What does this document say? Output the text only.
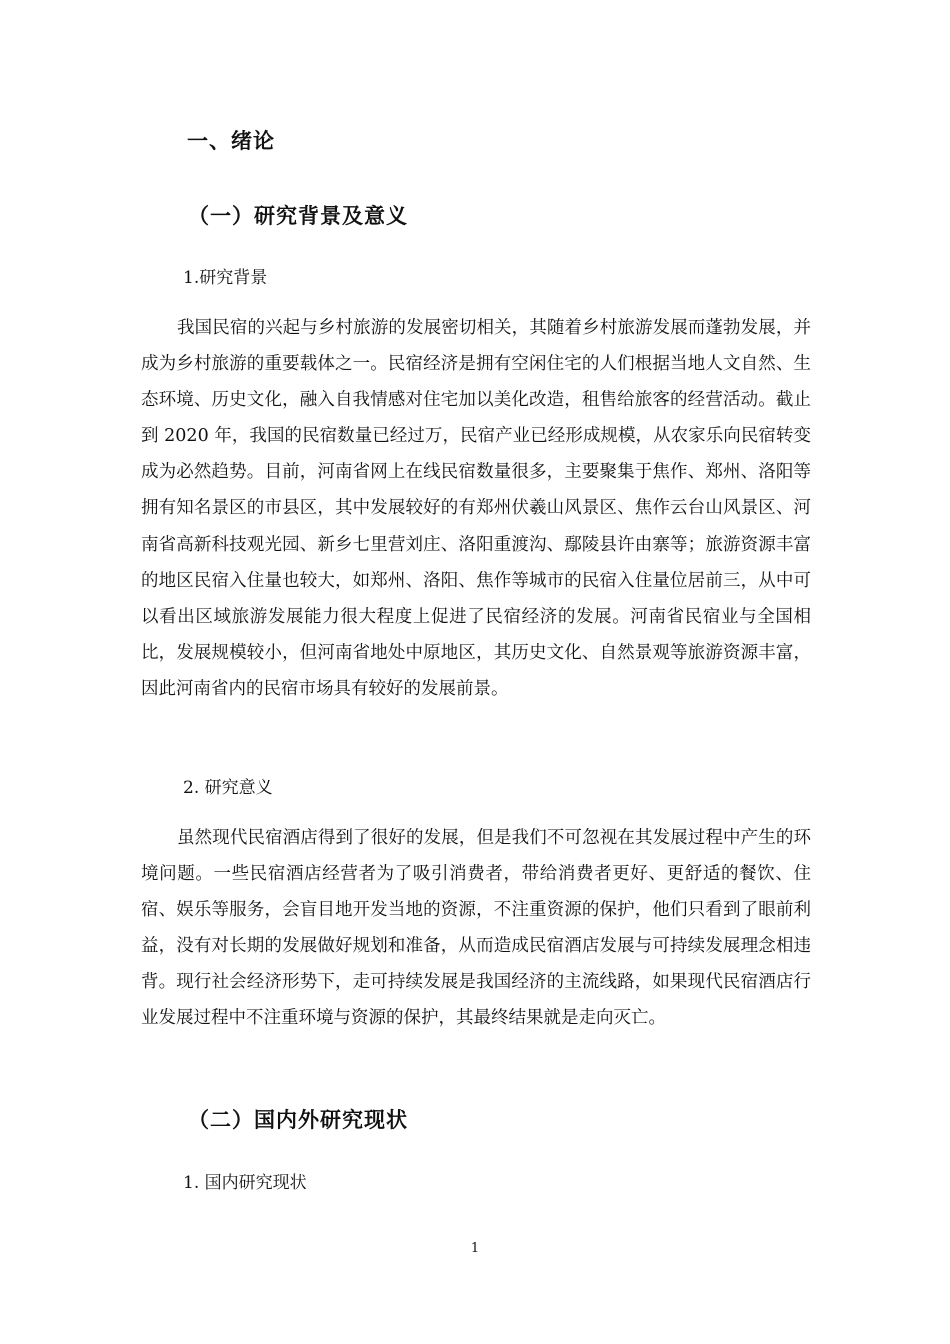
一、绪论
（一）研究背景及意义
1.研究背景

我国民宿的兴起与乡村旅游的发展密切相关，其随着乡村旅游发展而蓬勃发展，并成为乡村旅游的重要载体之一。民宿经济是拥有空闲住宅的人们根据当地人文自然、生态环境、历史文化，融入自我情感对住宅加以美化改造，租售给旅客的经营活动。截止到 2020 年，我国的民宿数量已经过万，民宿产业已经形成规模，从农家乐向民宿转变成为必然趋势。目前，河南省网上在线民宿数量很多，主要聚集于焦作、郑州、洛阳等拥有知名景区的市县区，其中发展较好的有郑州伏羲山风景区、焦作云台山风景区、河南省高新科技观光园、新乡七里营刘庄、洛阳重渡沟、鄢陵县许由寨等；旅游资源丰富的地区民宿入住量也较大，如郑州、洛阳、焦作等城市的民宿入住量位居前三，从中可以看出区域旅游发展能力很大程度上促进了民宿经济的发展。河南省民宿业与全国相比，发展规模较小，但河南省地处中原地区，其历史文化、自然景观等旅游资源丰富，因此河南省内的民宿市场具有较好的发展前景。

2. 研究意义

虽然现代民宿酒店得到了很好的发展，但是我们不可忽视在其发展过程中产生的环境问题。一些民宿酒店经营者为了吸引消费者，带给消费者更好、更舒适的餐饮、住宿、娱乐等服务，会盲目地开发当地的资源，不注重资源的保护，他们只看到了眼前利益，没有对长期的发展做好规划和准备，从而造成民宿酒店发展与可持续发展理念相违背。现行社会经济形势下，走可持续发展是我国经济的主流线路，如果现代民宿酒店行业发展过程中不注重环境与资源的保护，其最终结果就是走向灭亡。

（二）国内外研究现状
1. 国内研究现状
1
